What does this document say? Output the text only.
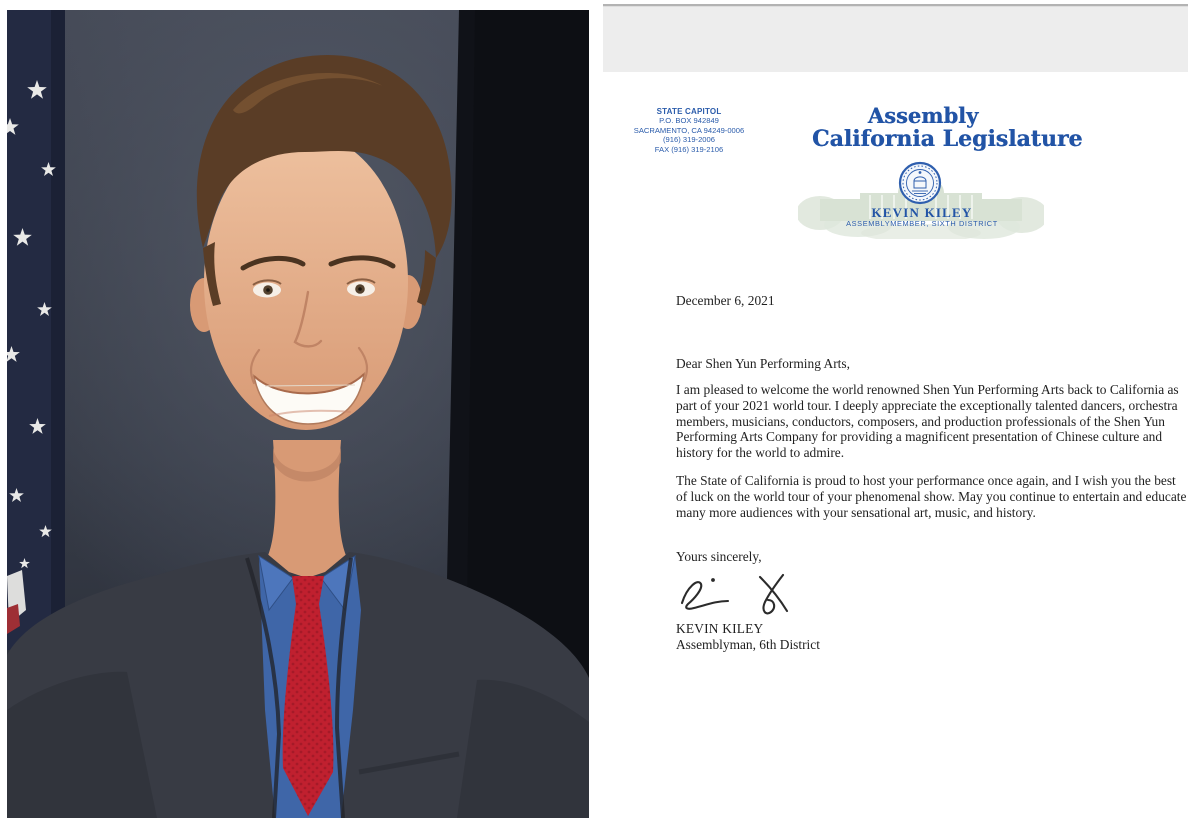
STATE CAPITOL
P.O. BOX 942849
SACRAMENTO, CA 94249-0006
(916) 319-2006
FAX (916) 319-2106
Assembly
California Legislature
KEVIN KILEY
ASSEMBLYMEMBER, SIXTH DISTRICT
December 6, 2021
Dear Shen Yun Performing Arts,
I am pleased to welcome the world renowned Shen Yun Performing Arts back to California as part of your 2021 world tour. I deeply appreciate the exceptionally talented dancers, orchestra members, musicians, conductors, composers, and production professionals of the Shen Yun Performing Arts Company for providing a magnificent presentation of Chinese culture and history for the world to admire.
The State of California is proud to host your performance once again, and I wish you the best of luck on the world tour of your phenomenal show. May you continue to entertain and educate many more audiences with your sensational art, music, and history.
Yours sincerely,
KEVIN KILEY
Assemblyman, 6th District
